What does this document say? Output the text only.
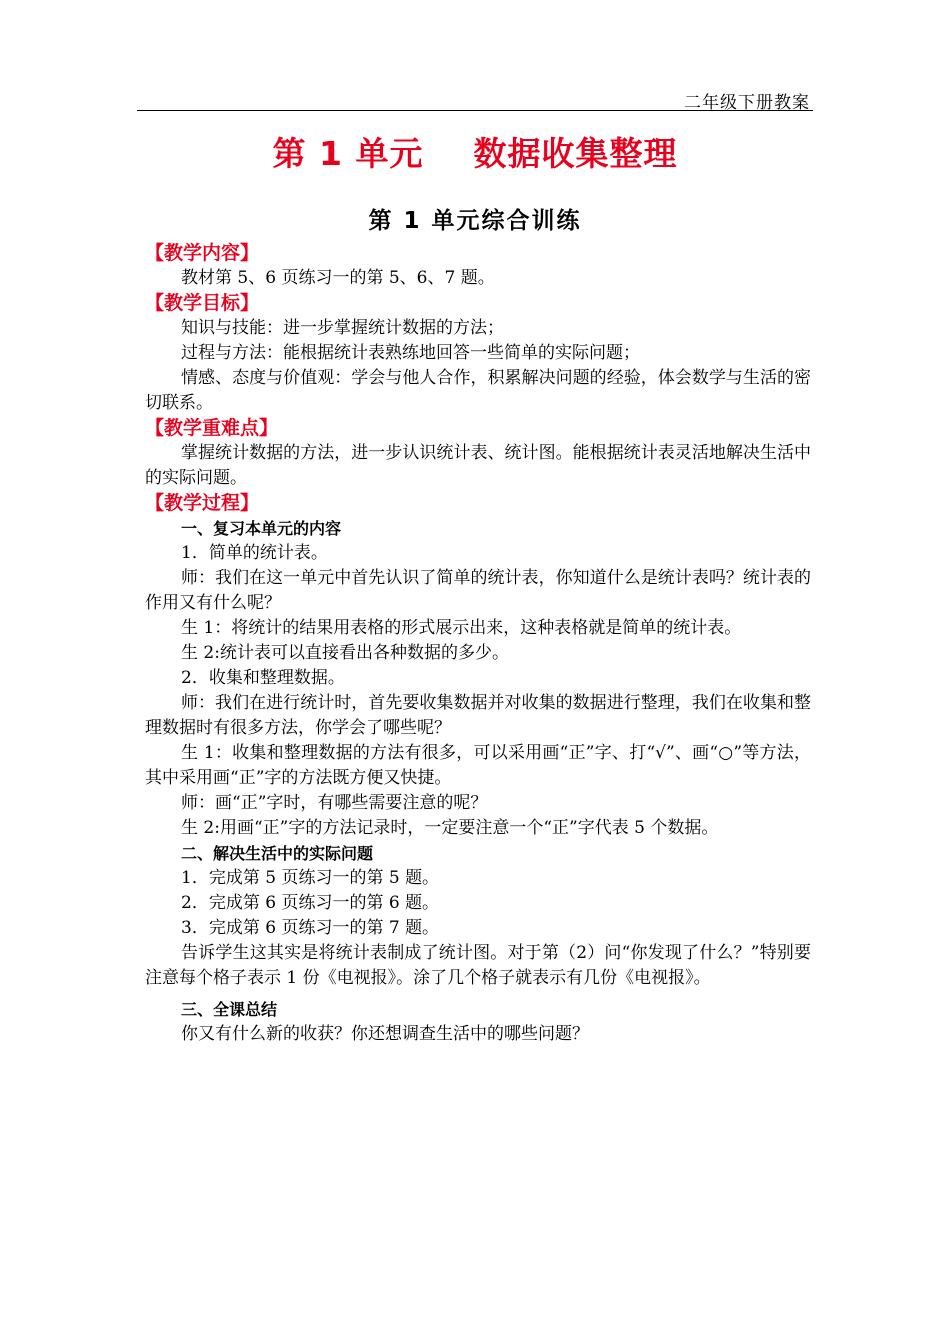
二年级下册教案
第 1 单元    数据收集整理
第 1 单元综合训练

【教学内容】

教材第 5、6 页练习一的第 5、6、7 题。

【教学目标】

知识与技能：进一步掌握统计数据的方法；

过程与方法：能根据统计表熟练地回答一些简单的实际问题；

情感、态度与价值观：学会与他人合作，积累解决问题的经验，体会数学与生活的密切联系。

【教学重难点】

掌握统计数据的方法，进一步认识统计表、统计图。能根据统计表灵活地解决生活中的实际问题。

【教学过程】

一、复习本单元的内容

1．简单的统计表。

师：我们在这一单元中首先认识了简单的统计表，你知道什么是统计表吗？统计表的作用又有什么呢？

生 1：将统计的结果用表格的形式展示出来，这种表格就是简单的统计表。

生 2:统计表可以直接看出各种数据的多少。

2．收集和整理数据。

师：我们在进行统计时，首先要收集数据并对收集的数据进行整理，我们在收集和整理数据时有很多方法，你学会了哪些呢？

生 1：收集和整理数据的方法有很多，可以采用画“正”字、打“√”、画“○”等方法，其中采用画“正”字的方法既方便又快捷。

师：画“正”字时，有哪些需要注意的呢？

生 2:用画“正”字的方法记录时，一定要注意一个“正”字代表 5 个数据。

二、解决生活中的实际问题

1．完成第 5 页练习一的第 5 题。

2．完成第 6 页练习一的第 6 题。

3．完成第 6 页练习一的第 7 题。

告诉学生这其实是将统计表制成了统计图。对于第（2）问“你发现了什么？”特别要注意每个格子表示 1 份《电视报》。涂了几个格子就表示有几份《电视报》。

三、全课总结

你又有什么新的收获？你还想调查生活中的哪些问题？
